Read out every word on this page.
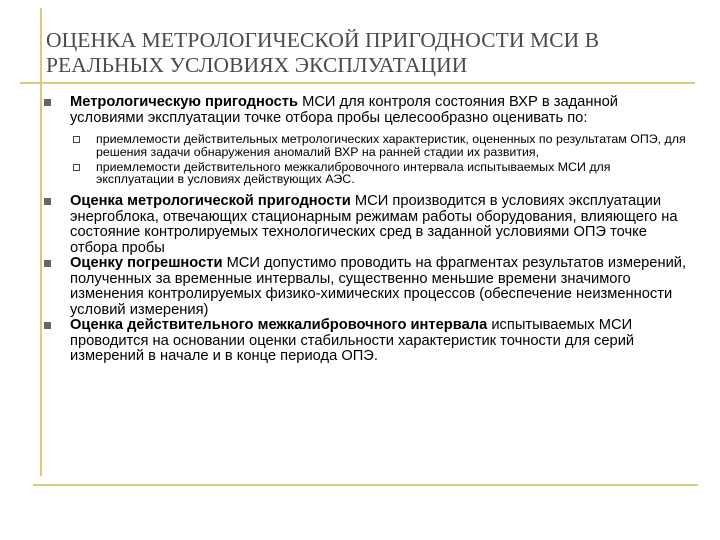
ОЦЕНКА МЕТРОЛОГИЧЕСКОЙ ПРИГОДНОСТИ МСИ В
РЕАЛЬНЫХ УСЛОВИЯХ ЭКСПЛУАТАЦИИ
Метрологическую пригодность МСИ для контроля состояния ВХР в заданной условиями эксплуатации точке отбора пробы целесообразно оценивать по:
приемлемости действительных метрологических характеристик, оцененных по результатам ОПЭ, для решения задачи обнаружения аномалий ВХР на ранней стадии их развития,
приемлемости действительного межкалибровочного интервала испытываемых МСИ для эксплуатации в условиях действующих АЭС.
Оценка метрологической пригодности МСИ производится в условиях эксплуатации энергоблока, отвечающих стационарным режимам работы оборудования, влияющего на состояние контролируемых технологических сред в заданной условиями ОПЭ точке отбора пробы
Оценку погрешности МСИ допустимо проводить на фрагментах результатов измерений, полученных за временные интервалы, существенно меньшие времени значимого изменения контролируемых физико-химических процессов (обеспечение неизменности условий измерения)
Оценка действительного межкалибровочного интервала испытываемых МСИ проводится на основании оценки стабильности характеристик точности для серий измерений в начале и в конце периода ОПЭ.
